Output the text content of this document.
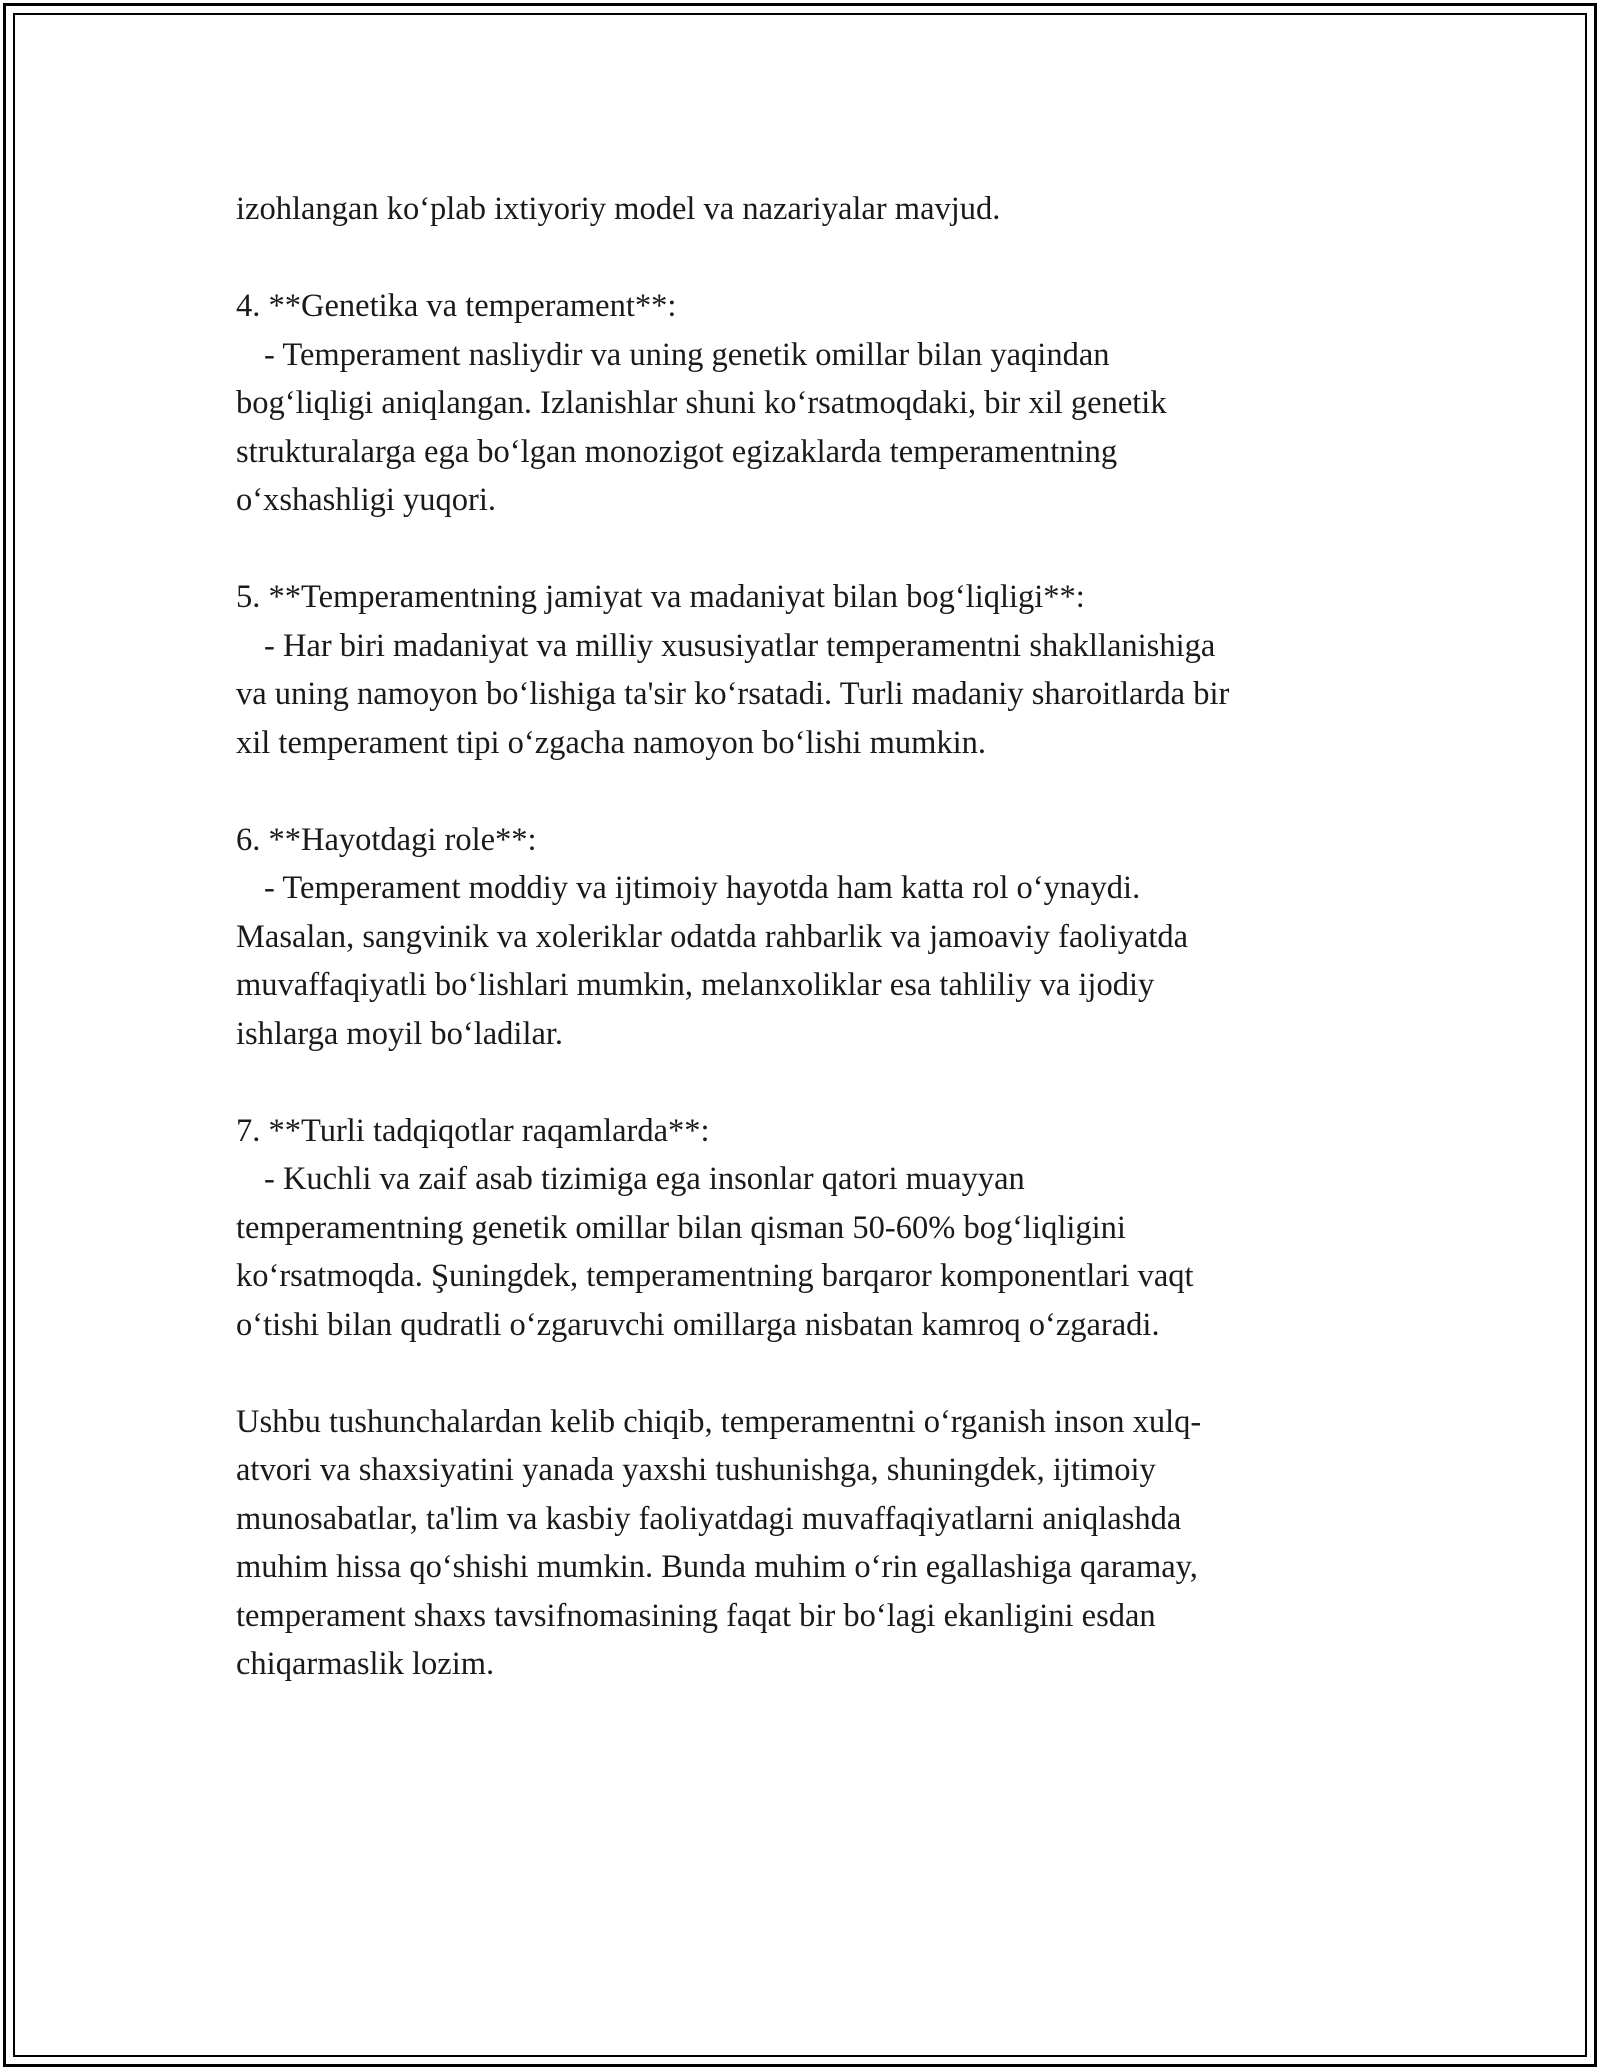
izohlangan ko‘plab ixtiyoriy model va nazariyalar mavjud.

4. **Genetika va temperament**:

- Temperament nasliydir va uning genetik omillar bilan yaqindan

bog‘liqligi aniqlangan. Izlanishlar shuni ko‘rsatmoqdaki, bir xil genetik

strukturalarga ega bo‘lgan monozigot egizaklarda temperamentning

o‘xshashligi yuqori.

5. **Temperamentning jamiyat va madaniyat bilan bog‘liqligi**:

- Har biri madaniyat va milliy xususiyatlar temperamentni shakllanishiga

va uning namoyon bo‘lishiga ta'sir ko‘rsatadi. Turli madaniy sharoitlarda bir

xil temperament tipi o‘zgacha namoyon bo‘lishi mumkin.

6. **Hayotdagi role**:

- Temperament moddiy va ijtimoiy hayotda ham katta rol o‘ynaydi.

Masalan, sangvinik va xoleriklar odatda rahbarlik va jamoaviy faoliyatda

muvaffaqiyatli bo‘lishlari mumkin, melanxoliklar esa tahliliy va ijodiy

ishlarga moyil bo‘ladilar.

7. **Turli tadqiqotlar raqamlarda**:

- Kuchli va zaif asab tizimiga ega insonlar qatori muayyan

temperamentning genetik omillar bilan qisman 50-60% bog‘liqligini

ko‘rsatmoqda. Şuningdek, temperamentning barqaror komponentlari vaqt

o‘tishi bilan qudratli o‘zgaruvchi omillarga nisbatan kamroq o‘zgaradi.

Ushbu tushunchalardan kelib chiqib, temperamentni o‘rganish inson xulq-

atvori va shaxsiyatini yanada yaxshi tushunishga, shuningdek, ijtimoiy

munosabatlar, ta'lim va kasbiy faoliyatdagi muvaffaqiyatlarni aniqlashda

muhim hissa qo‘shishi mumkin. Bunda muhim o‘rin egallashiga qaramay,

temperament shaxs tavsifnomasining faqat bir bo‘lagi ekanligini esdan

chiqarmaslik lozim.
